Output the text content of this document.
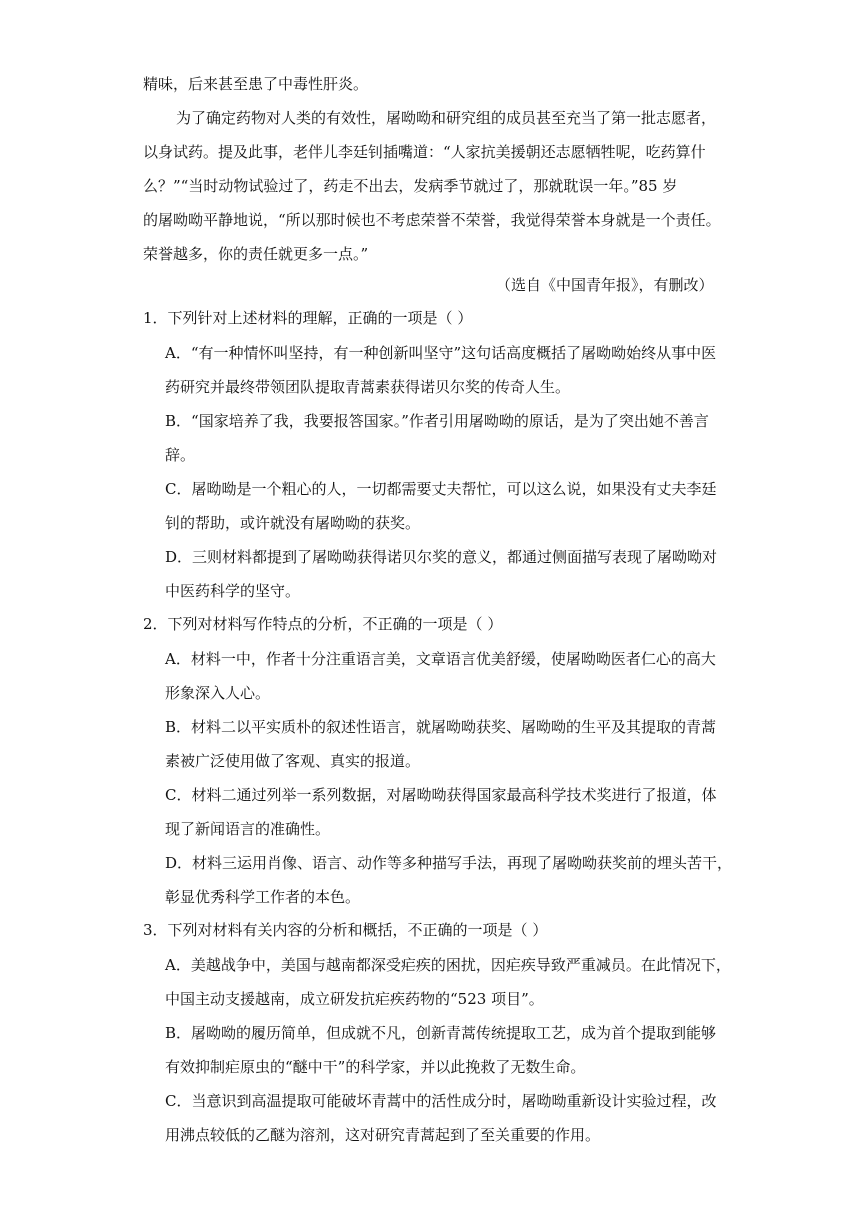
精味，后来甚至患了中毒性肝炎。

为了确定药物对人类的有效性，屠呦呦和研究组的成员甚至充当了第一批志愿者，

以身试药。提及此事，老伴儿李廷钊插嘴道：“人家抗美援朝还志愿牺牲呢，吃药算什

么？”“当时动物试验过了，药走不出去，发病季节就过了，那就耽误一年。”85 岁

的屠呦呦平静地说，“所以那时候也不考虑荣誉不荣誉，我觉得荣誉本身就是一个责任。

荣誉越多，你的责任就更多一点。”

（选自《中国青年报》，有删改）

1．下列针对上述材料的理解，正确的一项是（ ）

A．“有一种情怀叫坚持，有一种创新叫坚守”这句话高度概括了屠呦呦始终从事中医

药研究并最终带领团队提取青蒿素获得诺贝尔奖的传奇人生。

B．“国家培养了我，我要报答国家。”作者引用屠呦呦的原话，是为了突出她不善言

辞。

C．屠呦呦是一个粗心的人，一切都需要丈夫帮忙，可以这么说，如果没有丈夫李廷

钊的帮助，或许就没有屠呦呦的获奖。

D．三则材料都提到了屠呦呦获得诺贝尔奖的意义，都通过侧面描写表现了屠呦呦对

中医药科学的坚守。

2．下列对材料写作特点的分析，不正确的一项是（ ）

A．材料一中，作者十分注重语言美，文章语言优美舒缓，使屠呦呦医者仁心的高大

形象深入人心。

B．材料二以平实质朴的叙述性语言，就屠呦呦获奖、屠呦呦的生平及其提取的青蒿

素被广泛使用做了客观、真实的报道。

C．材料二通过列举一系列数据，对屠呦呦获得国家最高科学技术奖进行了报道，体

现了新闻语言的准确性。

D．材料三运用肖像、语言、动作等多种描写手法，再现了屠呦呦获奖前的埋头苦干，

彰显优秀科学工作者的本色。

3．下列对材料有关内容的分析和概括，不正确的一项是（ ）

A．美越战争中，美国与越南都深受疟疾的困扰，因疟疾导致严重减员。在此情况下，

中国主动支援越南，成立研发抗疟疾药物的“523 项目”。

B．屠呦呦的履历简单，但成就不凡，创新青蒿传统提取工艺，成为首个提取到能够

有效抑制疟原虫的“醚中干”的科学家，并以此挽救了无数生命。

C．当意识到高温提取可能破坏青蒿中的活性成分时，屠呦呦重新设计实验过程，改

用沸点较低的乙醚为溶剂，这对研究青蒿起到了至关重要的作用。
